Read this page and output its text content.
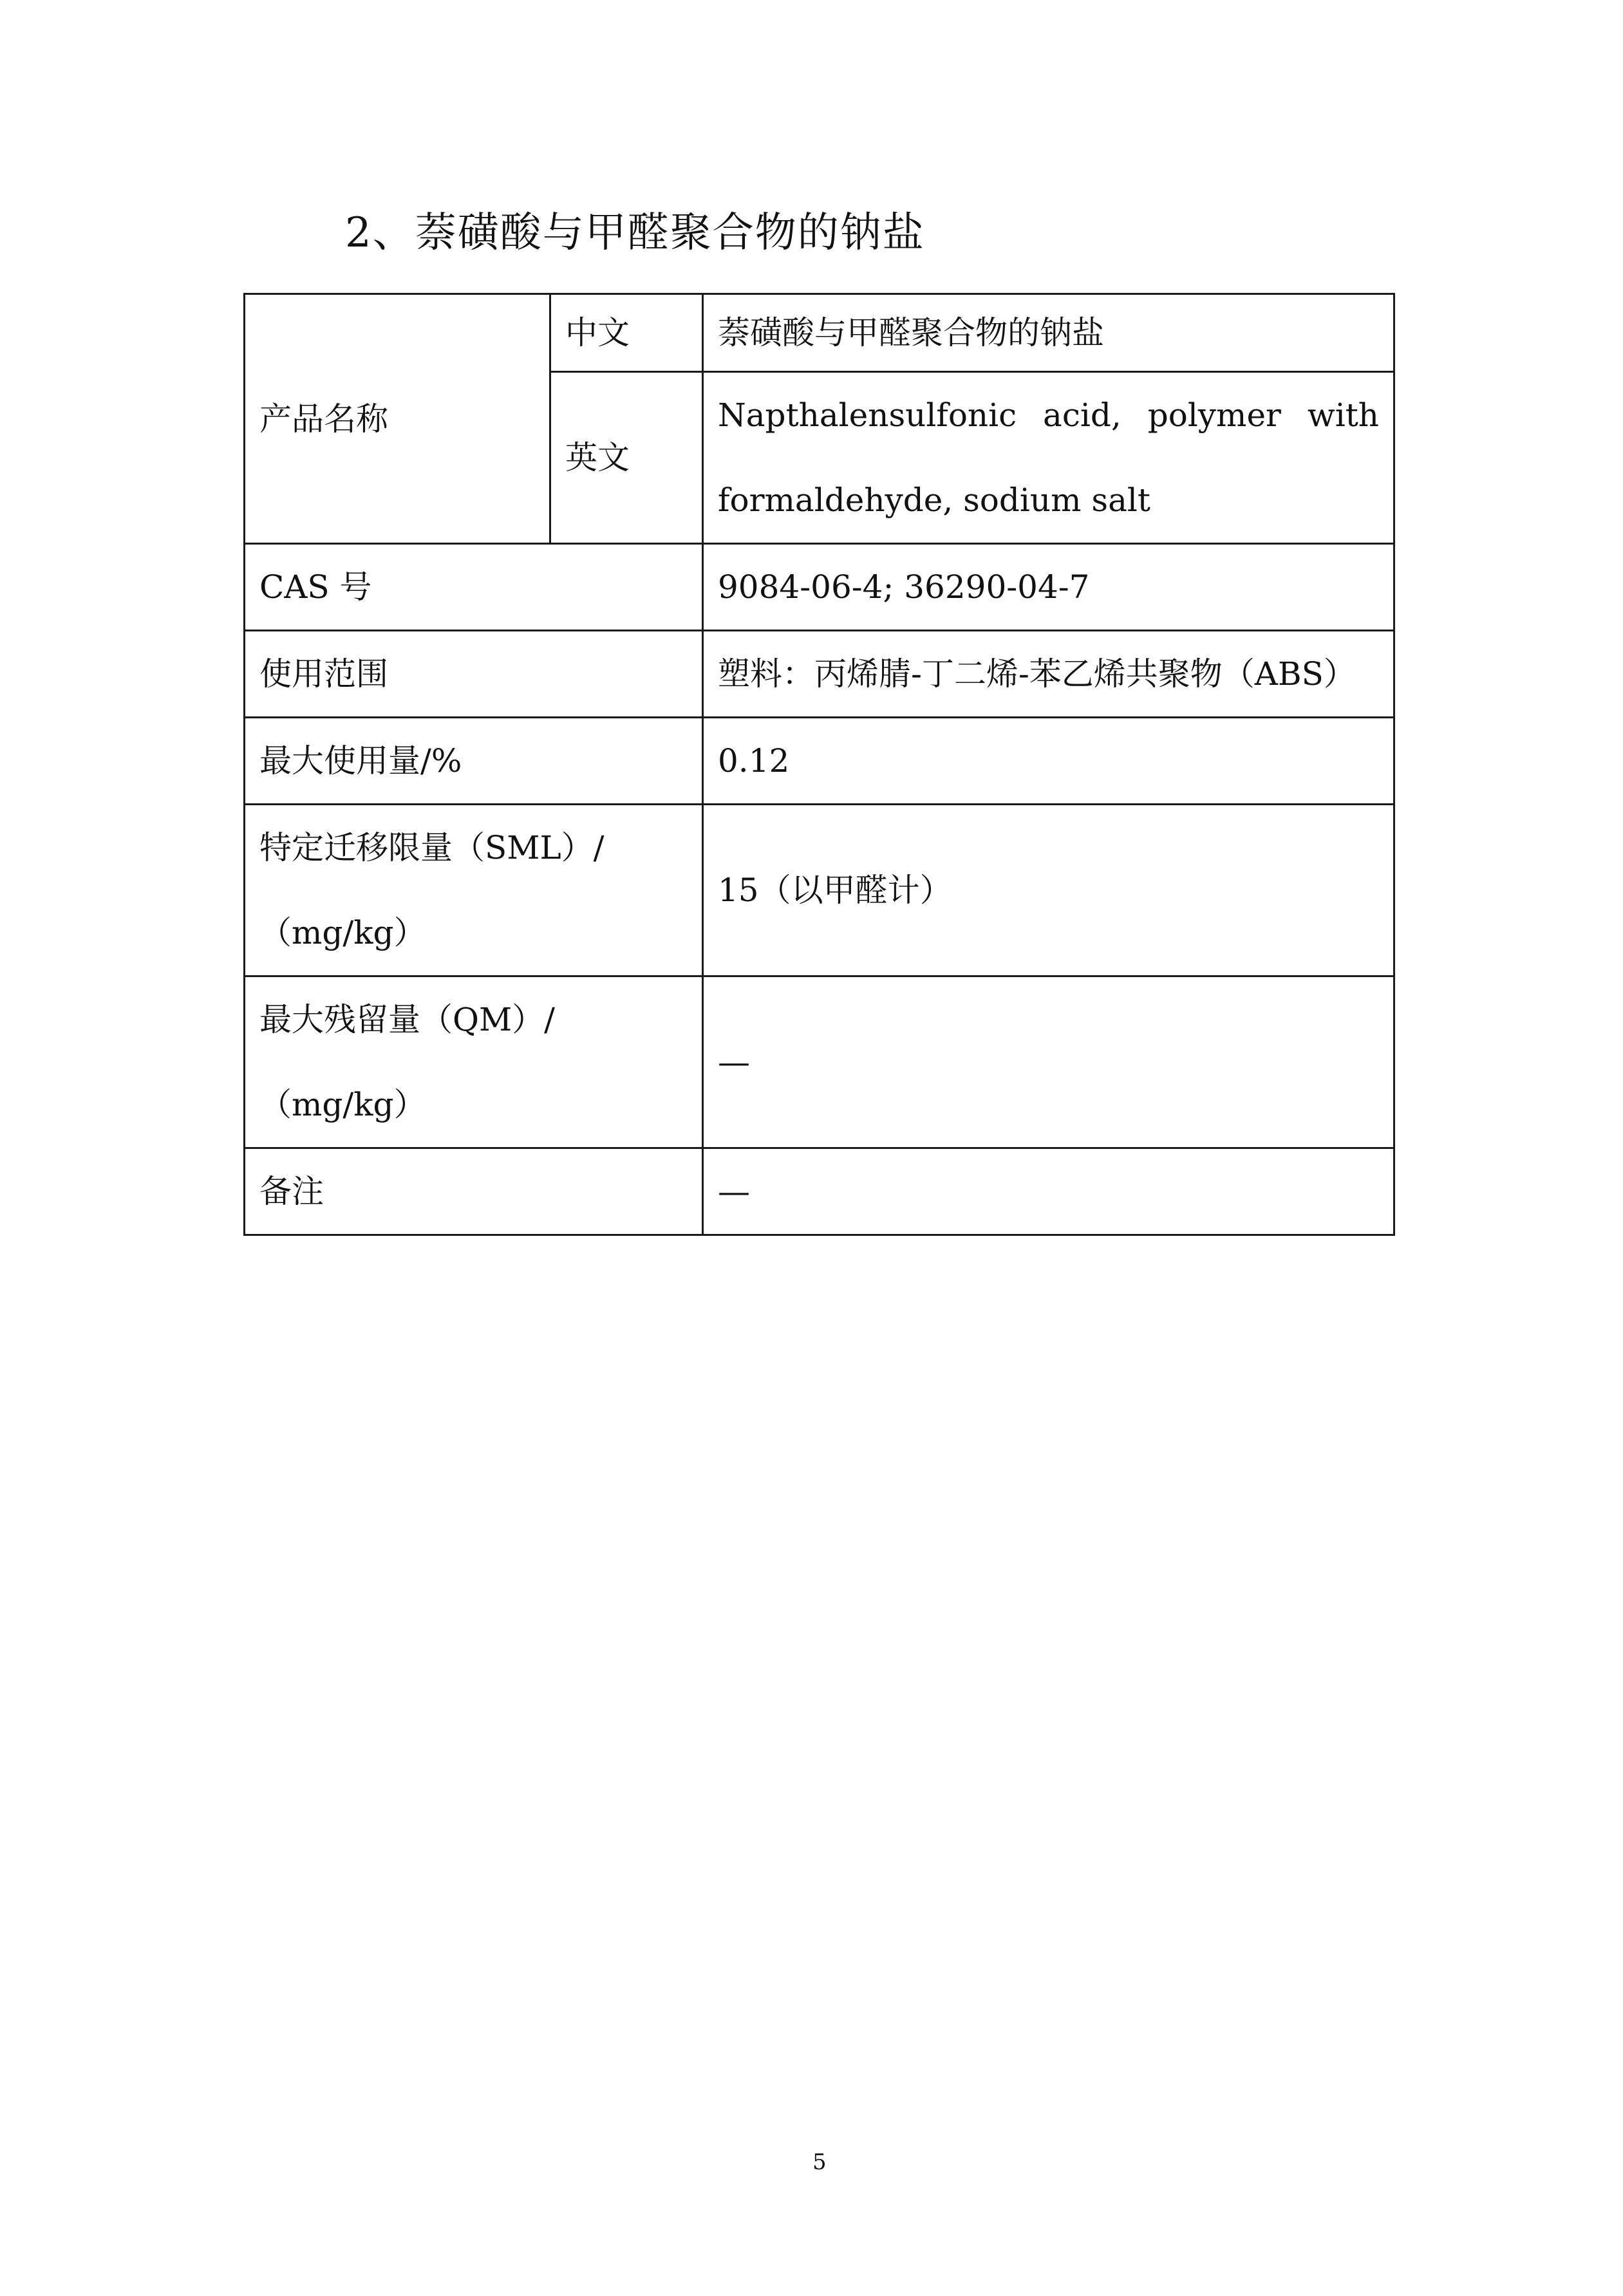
2、萘磺酸与甲醛聚合物的钠盐
产品名称	中文	萘磺酸与甲醛聚合物的钠盐
	英文	Napthalensulfonic acid, polymer with formaldehyde, sodium salt
CAS 号		9084-06-4; 36290-04-7
使用范围		塑料：丙烯腈-丁二烯-苯乙烯共聚物（ABS）
最大使用量/%		0.12
特定迁移限量（SML）/（mg/kg）		15（以甲醛计）
最大残留量（QM）/（mg/kg）		—
备注		—
5
